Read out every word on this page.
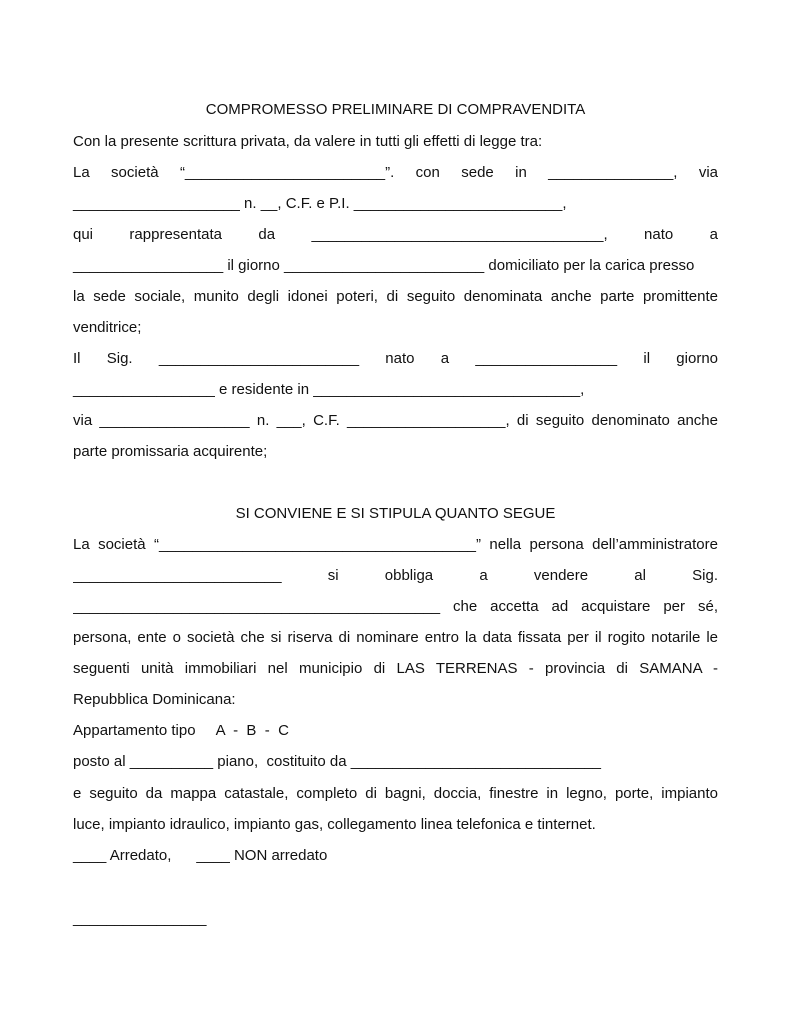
COMPROMESSO PRELIMINARE DI COMPRAVENDITA
Con la presente scrittura privata, da valere in tutti gli effetti di legge tra:
La società “________________________”. con sede in _______________, via
____________________ n. __, C.F. e P.I. _________________________,
qui rappresentata da ___________________________________, nato a
__________________ il giorno ________________________ domiciliato per la carica presso
la sede sociale, munito degli idonei poteri, di seguito denominata anche parte promittente
venditrice;
Il Sig. ________________________ nato a _________________ il giorno
_________________ e residente in ________________________________,
via __________________ n. ___, C.F. ___________________, di seguito denominato anche
parte promissaria acquirente;
SI CONVIENE E SI STIPULA QUANTO SEGUE
La società “______________________________________” nella persona dell’amministratore
_________________________ si obbliga a vendere al Sig.
____________________________________________ che accetta ad acquistare per sé,
persona, ente o società che si riserva di nominare entro la data fissata per il rogito notarile le
seguenti unità immobiliari nel municipio di LAS TERRENAS - provincia di SAMANA -
Repubblica Dominicana:
Appartamento tipo     A  -  B  -  C
posto al __________ piano,  costituito da ______________________________
e seguito da mappa catastale, completo di bagni, doccia, finestre in legno, porte, impianto
luce, impianto idraulico, impianto gas, collegamento linea telefonica e tinternet.
____ Arredato,      ____ NON arredato
________________
